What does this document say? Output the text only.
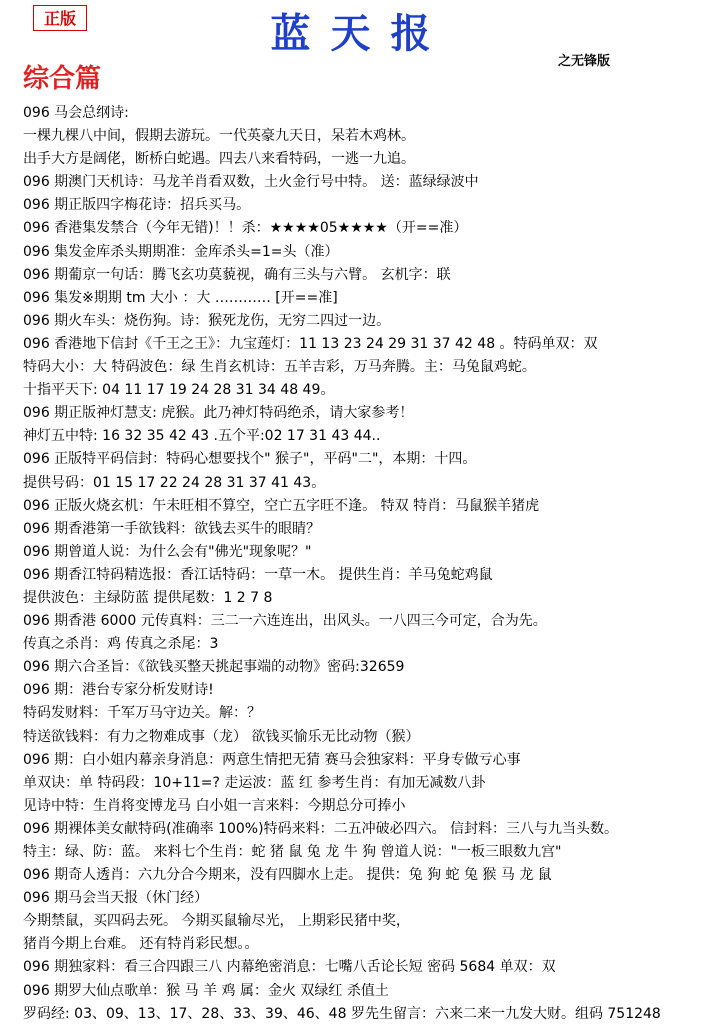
正版	蓝天报
之无锋版
综合篇
096 马会总纲诗:
一棵九棵八中间，假期去游玩。一代英豪九天日，呆若木鸡林。
出手大方是阔佬，断桥白蛇遇。四去八来看特码，一逃一九追。
096 期澳门天机诗：马龙羊肖看双数，土火金行号中特。 送：蓝绿绿波中
096 期正版四字梅花诗：招兵买马。
096 香港集发禁合（今年无错)！！杀：★★★★05★★★★（开==准）
096 集发金库杀头期期准：金库杀头=1=头（准）
096 期葡京一句话：腾飞玄功莫藐视，确有三头与六臂。 玄机字：联
096 集发※期期 tm 大小 ：大 ………… [开==准]
096 期火车头：烧伤狗。诗：猴死龙伤，无穷二四过一边。
096 香港地下信封《千王之王》：九宝莲灯：11 13 23 24 29 31 37 42 48 。特码单双：双
特码大小：大 特码波色：绿 生肖玄机诗：五羊吉彩，万马奔腾。主：马兔鼠鸡蛇。
十指平天下: 04 11 17 19 24 28 31 34 48 49。
096 期正版神灯慧支: 虎猴。此乃神灯特码绝杀，请大家参考！
神灯五中特: 16 32 35 42 43 .五个平:02 17 31 43 44..
096 正版特平码信封：特码心想要找个" 猴子"，平码"二"，本期：十四。
提供号码：01 15 17 22 24 28 31 37 41 43。
096 正版火烧玄机：午未旺相不算空，空亡五字旺不逢。 特双 特肖：马鼠猴羊猪虎
096 期香港第一手欲钱料：欲钱去买牛的眼睛？
096 期曾道人说：为什么会有"佛光"现象呢？"
096 期香江特码精选报：香江话特码：一草一木。 提供生肖：羊马兔蛇鸡鼠
提供波色：主绿防蓝 提供尾数：1 2 7 8
096 期香港 6000 元传真料：三二一六连连出，出风头。一八四三今可定，合为先。
传真之杀肖：鸡 传真之杀尾：3
096 期六合圣旨：《欲钱买整天挑起事端的动物》密码:32659
096 期：港台专家分析发财诗!
特码发财料：千军万马守边关。解：？
特送欲钱料：有力之物难成事（龙） 欲钱买愉乐无比动物（猴）
096 期：白小姐内幕亲身消息：两意生情把无猜 赛马会独家料：平身专做亏心事
单双诀：单 特码段：10+11=? 走运波：蓝 红 参考生肖：有加无减数八卦
见诗中特：生肖将变博龙马 白小姐一言来料：今期总分可捧小
096 期裸体美女献特码(准确率 100%)特码来料：二五冲破必四六。 信封料：三八与九当头数。
特主：绿、防：蓝。 来料七个生肖：蛇 猪 鼠 兔 龙 牛 狗 曾道人说："一板三眼数九宫"
096 期奇人透肖：六九分合今期来，没有四脚水上走。 提供：兔 狗 蛇 兔 猴 马 龙 鼠
096 期马会当天报（休门经）
今期禁鼠，买四码去死。 今期买鼠输尽光， 上期彩民猪中奖，
猪肖今期上台难。 还有特肖彩民想。。
096 期独家料：看三合四跟三八 内幕绝密消息：七嘴八舌论长短 密码 5684 单双：双
096 期罗大仙点歌单：猴 马 羊 鸡 属：金火 双绿红 杀值土
罗码经: 03、09、13、17、28、33、39、46、48 罗先生留言：六来二来一九发大财。组码 751248
